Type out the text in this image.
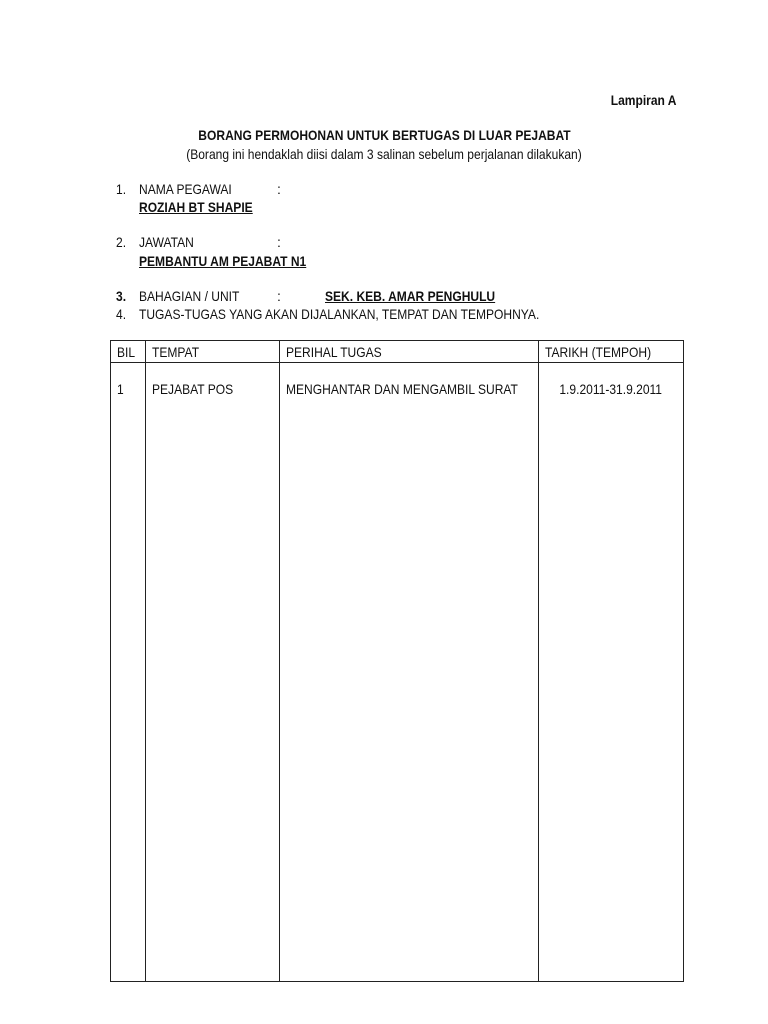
Lampiran A
BORANG PERMOHONAN UNTUK BERTUGAS DI LUAR PEJABAT
(Borang ini hendaklah diisi dalam 3 salinan sebelum perjalanan dilakukan)
1. NAMA PEGAWAI	:
ROZIAH BT SHAPIE
2. JAWATAN	:
PEMBANTU AM PEJABAT N1
3. BAHAGIAN / UNIT	:	SEK. KEB. AMAR PENGHULU
4. TUGAS-TUGAS YANG AKAN DIJALANKAN, TEMPAT DAN TEMPOHNYA.
BIL	TEMPAT	PERIHAL TUGAS	TARIKH (TEMPOH)
1	PEJABAT POS	MENGHANTAR DAN MENGAMBIL SURAT	1.9.2011-31.9.2011
